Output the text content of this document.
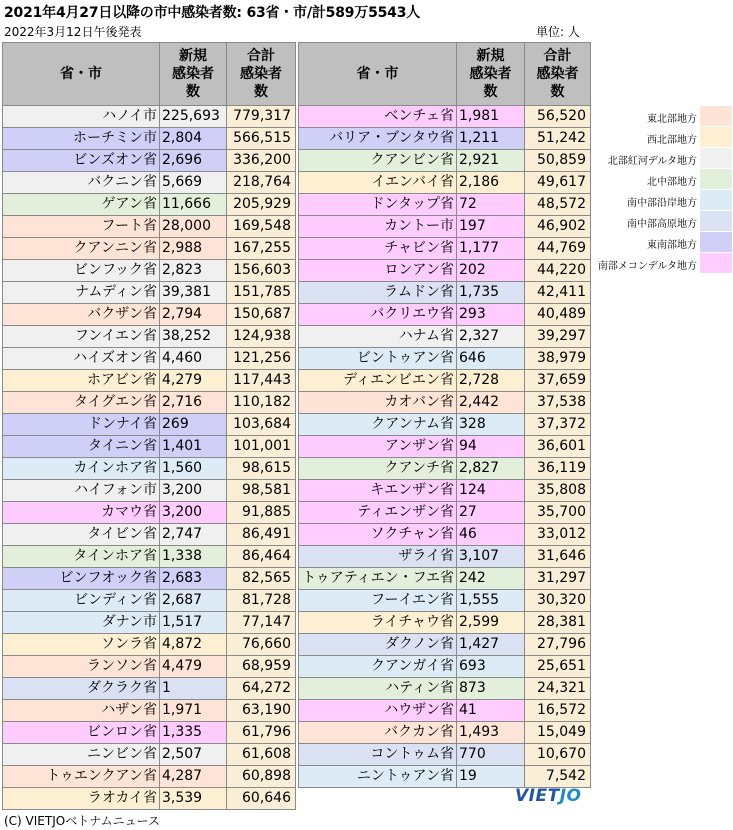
2021年4月27日以降の市中感染者数: 63省・市/計589万5543人
2022年3月12日午後発表	単位: 人
省・市	新規
感染者
数	合計
感染者
数
ハノイ市	225,693	779,317
ホーチミン市	2,804	566,515
ビンズオン省	2,696	336,200
バクニン省	5,669	218,764
ゲアン省	11,666	205,929
フート省	28,000	169,548
クアンニン省	2,988	167,255
ビンフック省	2,823	156,603
ナムディン省	39,381	151,785
バクザン省	2,794	150,687
フンイエン省	38,252	124,938
ハイズオン省	4,460	121,256
ホアビン省	4,279	117,443
タイグエン省	2,716	110,182
ドンナイ省	269	103,684
タイニン省	1,401	101,001
カインホア省	1,560	98,615
ハイフォン市	3,200	98,581
カマウ省	3,200	91,885
タイビン省	2,747	86,491
タインホア省	1,338	86,464
ビンフオック省	2,683	82,565
ビンディン省	2,687	81,728
ダナン市	1,517	77,147
ソンラ省	4,872	76,660
ランソン省	4,479	68,959
ダクラク省	1	64,272
ハザン省	1,971	63,190
ビンロン省	1,335	61,796
ニンビン省	2,507	61,608
トゥエンクアン省	4,287	60,898
ラオカイ省	3,539	60,646
省・市	新規
感染者
数	合計
感染者
数
ベンチェ省	1,981	56,520
バリア・ブンタウ省	1,211	51,242
クアンビン省	2,921	50,859
イエンバイ省	2,186	49,617
ドンタップ省	72	48,572
カントー市	197	46,902
チャビン省	1,177	44,769
ロンアン省	202	44,220
ラムドン省	1,735	42,411
バクリエウ省	293	40,489
ハナム省	2,327	39,297
ビントゥアン省	646	38,979
ディエンビエン省	2,728	37,659
カオバン省	2,442	37,538
クアンナム省	328	37,372
アンザン省	94	36,601
クアンチ省	2,827	36,119
キエンザン省	124	35,808
ティエンザン省	27	35,700
ソクチャン省	46	33,012
ザライ省	3,107	31,646
トゥアティエン・フエ省	242	31,297
フーイエン省	1,555	30,320
ライチャウ省	2,599	28,381
ダクノン省	1,427	27,796
クアンガイ省	693	25,651
ハティン省	873	24,321
ハウザン省	41	16,572
バクカン省	1,493	15,049
コントゥム省	770	10,670
ニントゥアン省	19	7,542
東北部地方
西北部地方
北部紅河デルタ地方
北中部地方
南中部沿岸地方
南中部高原地方
東南部地方
南部メコンデルタ地方
VIETJO
(C) VIETJOベトナムニュース
